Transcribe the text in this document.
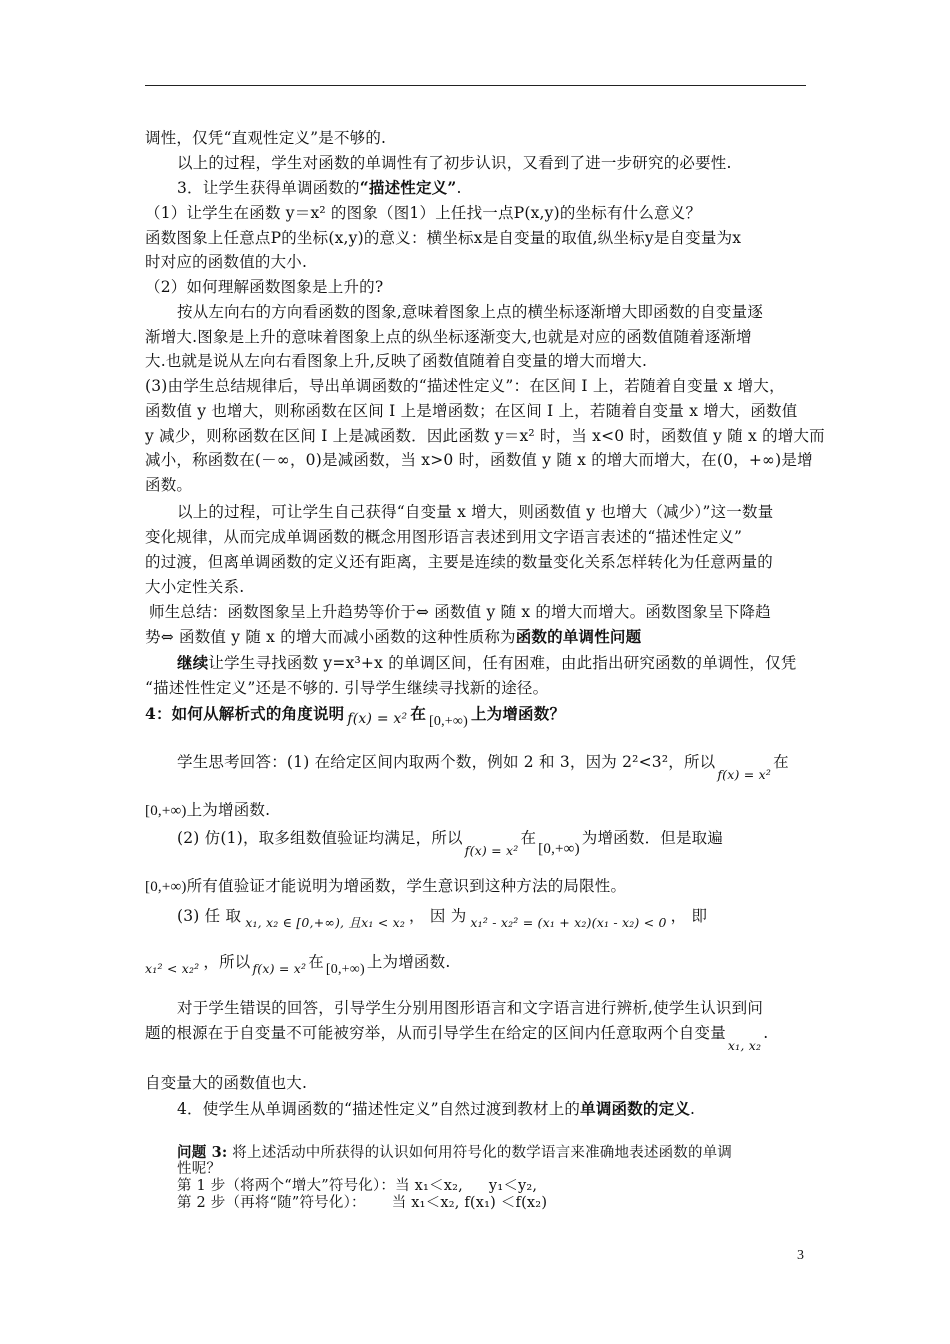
调性，仅凭“直观性定义”是不够的.
以上的过程，学生对函数的单调性有了初步认识，又看到了进一步研究的必要性.
3．让学生获得单调函数的“描述性定义”.
（1）让学生在函数 y＝x² 的图象（图1）上任找一点P(x,y)的坐标有什么意义？
函数图象上任意点P的坐标(x,y)的意义：横坐标x是自变量的取值,纵坐标y是自变量为x
时对应的函数值的大小.
（2）如何理解函数图象是上升的?
按从左向右的方向看函数的图象,意味着图象上点的横坐标逐渐增大即函数的自变量逐
渐增大.图象是上升的意味着图象上点的纵坐标逐渐变大,也就是对应的函数值随着逐渐增
大.也就是说从左向右看图象上升,反映了函数值随着自变量的增大而增大.
(3)由学生总结规律后，导出单调函数的“描述性定义”：在区间 I 上，若随着自变量 x 增大，
函数值 y 也增大，则称函数在区间 I 上是增函数；在区间 I 上，若随着自变量 x 增大，函数值
y 减少，则称函数在区间 I 上是减函数．因此函数 y＝x² 时，当 x<0 时，函数值 y 随 x 的增大而
减小，称函数在(－∞，0)是减函数，当 x>0 时，函数值 y 随 x 的增大而增大，在(0，+∞)是增
函数。
以上的过程，可让学生自己获得“自变量 x 增大，则函数值 y 也增大（减少）”这一数量
变化规律，从而完成单调函数的概念用图形语言表述到用文字语言表述的“描述性定义”
的过渡，但离单调函数的定义还有距离，主要是连续的数量变化关系怎样转化为任意两量的
大小定性关系.
师生总结：函数图象呈上升趋势等价于⇔ 函数值 y 随 x 的增大而增大。函数图象呈下降趋
势⇔ 函数值 y 随 x 的增大而减小函数的这种性质称为函数的单调性问题
继续让学生寻找函数 y=x³+x 的单调区间，任有困难，由此指出研究函数的单调性，仅凭
“描述性性定义”还是不够的. 引导学生继续寻找新的途径。
4：如何从解析式的角度说明 f(x) = x² 在 [0,+∞) 上为增函数？
学生思考回答：(1) 在给定区间内取两个数，例如 2 和 3，因为 2²<3²，所以$_{f(x) = x^2}$在
[0,+∞)上为增函数.
(2) 仿(1)，取多组数值验证均满足，所以$_{f(x) = x^2}$在[0,+∞)为增函数．但是取遍
[0,+∞)所有值验证才能说明为增函数，学生意识到这种方法的局限性。
(3) 任 取 $_{x_1, x_2 \in [0,+\infty), 且x_1 < x_2}$ ， 因 为 $_{x_1^2 - x_2^2 = (x_1 + x_2)(x_1 - x_2) < 0}$ ， 即
$_{x_1^2 < x_2^2}$ ，所以 $_{f(x) = x^2}$ 在 [0,+∞) 上为增函数.
对于学生错误的回答，引导学生分别用图形语言和文字语言进行辨析,使学生认识到问
题的根源在于自变量不可能被穷举，从而引导学生在给定的区间内任意取两个自变量$_{x_1, x_2}$.
自变量大的函数值也大.
4．使学生从单调函数的“描述性定义”自然过渡到教材上的单调函数的定义.
问题 3: 将上述活动中所获得的认识如何用符号化的数学语言来准确地表述函数的单调
性呢？
第 1 步（将两个“增大”符号化）：当 x₁＜x₂, y₁＜y₂,
第 2 步（再将“随”符号化）： 当 x₁＜x₂, f(x₁) ＜f(x₂)
3
